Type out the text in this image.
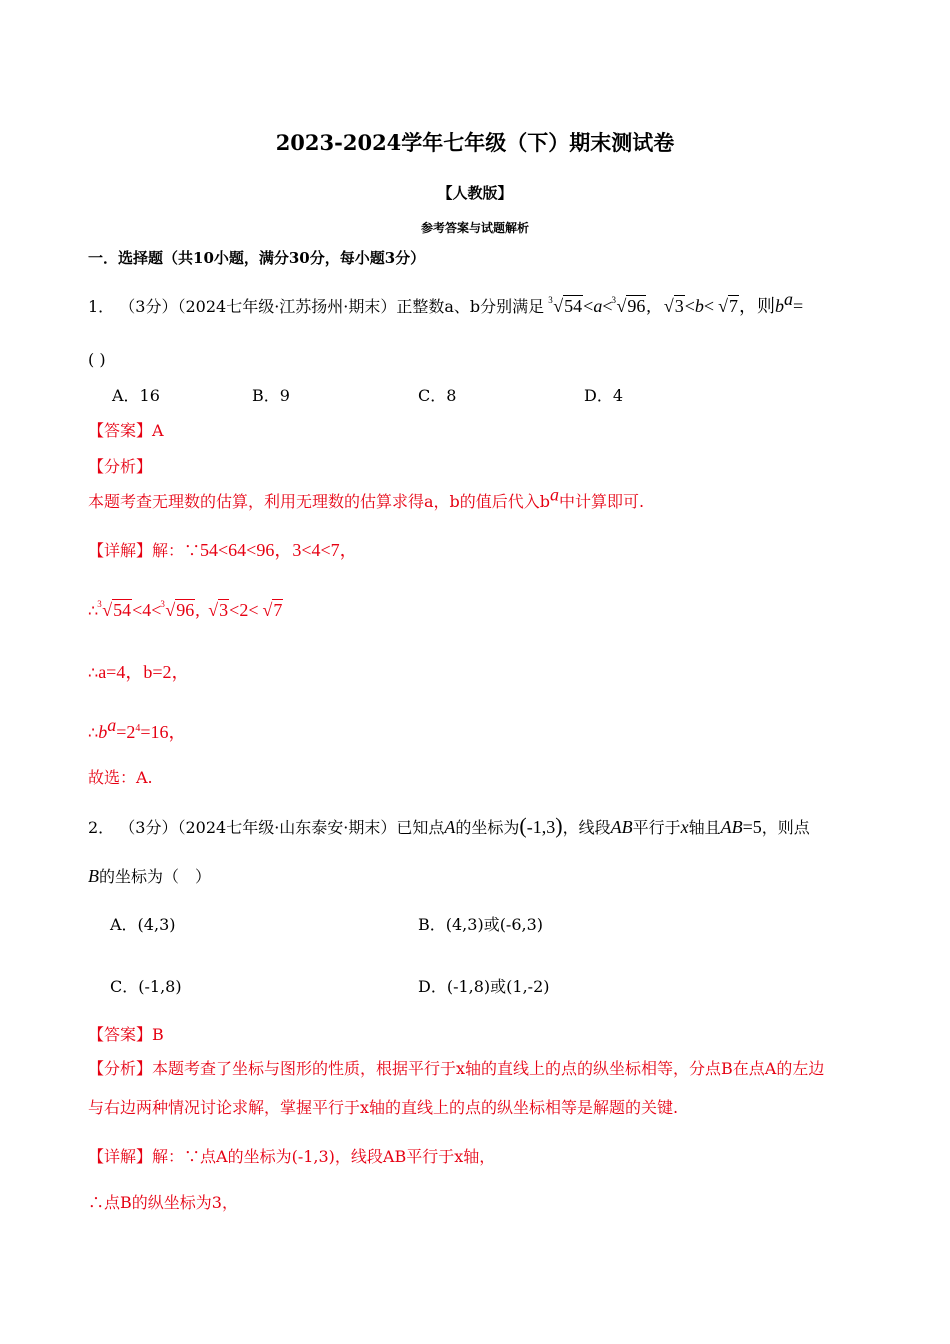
2023-2024学年七年级（下）期末测试卷
【人教版】
参考答案与试题解析
一．选择题（共10小题，满分30分，每小题3分）
1． （3分）（2024七年级·江苏扬州·期末）正整数a、b分别满足 3 √54<a< 3 √96,  √3<b< √7，则$b^a=$
( )
A．16	B．9	C．8	D．4
【答案】A
【分析】
本题考查无理数的估算，利用无理数的估算求得a，b的值后代入$b^a$中计算即可.
【详解】解：∵54<64<96，3<4<7，
∴ 3 √54<4< 3 √96, √3<2< √7
∴a=4，b=2，
$\therefore b^a=2^4=16$，
故选：A.
2． （3分）（2024七年级·山东泰安·期末）已知点A的坐标为(-1,3)，线段AB平行于x轴且AB=5，则点
B的坐标为（　）
A．(4,3)	B．(4,3)或(-6,3)
C．(-1,8)	D．(-1,8)或(1,-2)
【答案】B
【分析】本题考查了坐标与图形的性质，根据平行于x轴的直线上的点的纵坐标相等，分点B在点A的左边
与右边两种情况讨论求解，掌握平行于x轴的直线上的点的纵坐标相等是解题的关键.
【详解】解：∵点A的坐标为(-1,3)，线段AB平行于x轴，
∴点B的纵坐标为3，
